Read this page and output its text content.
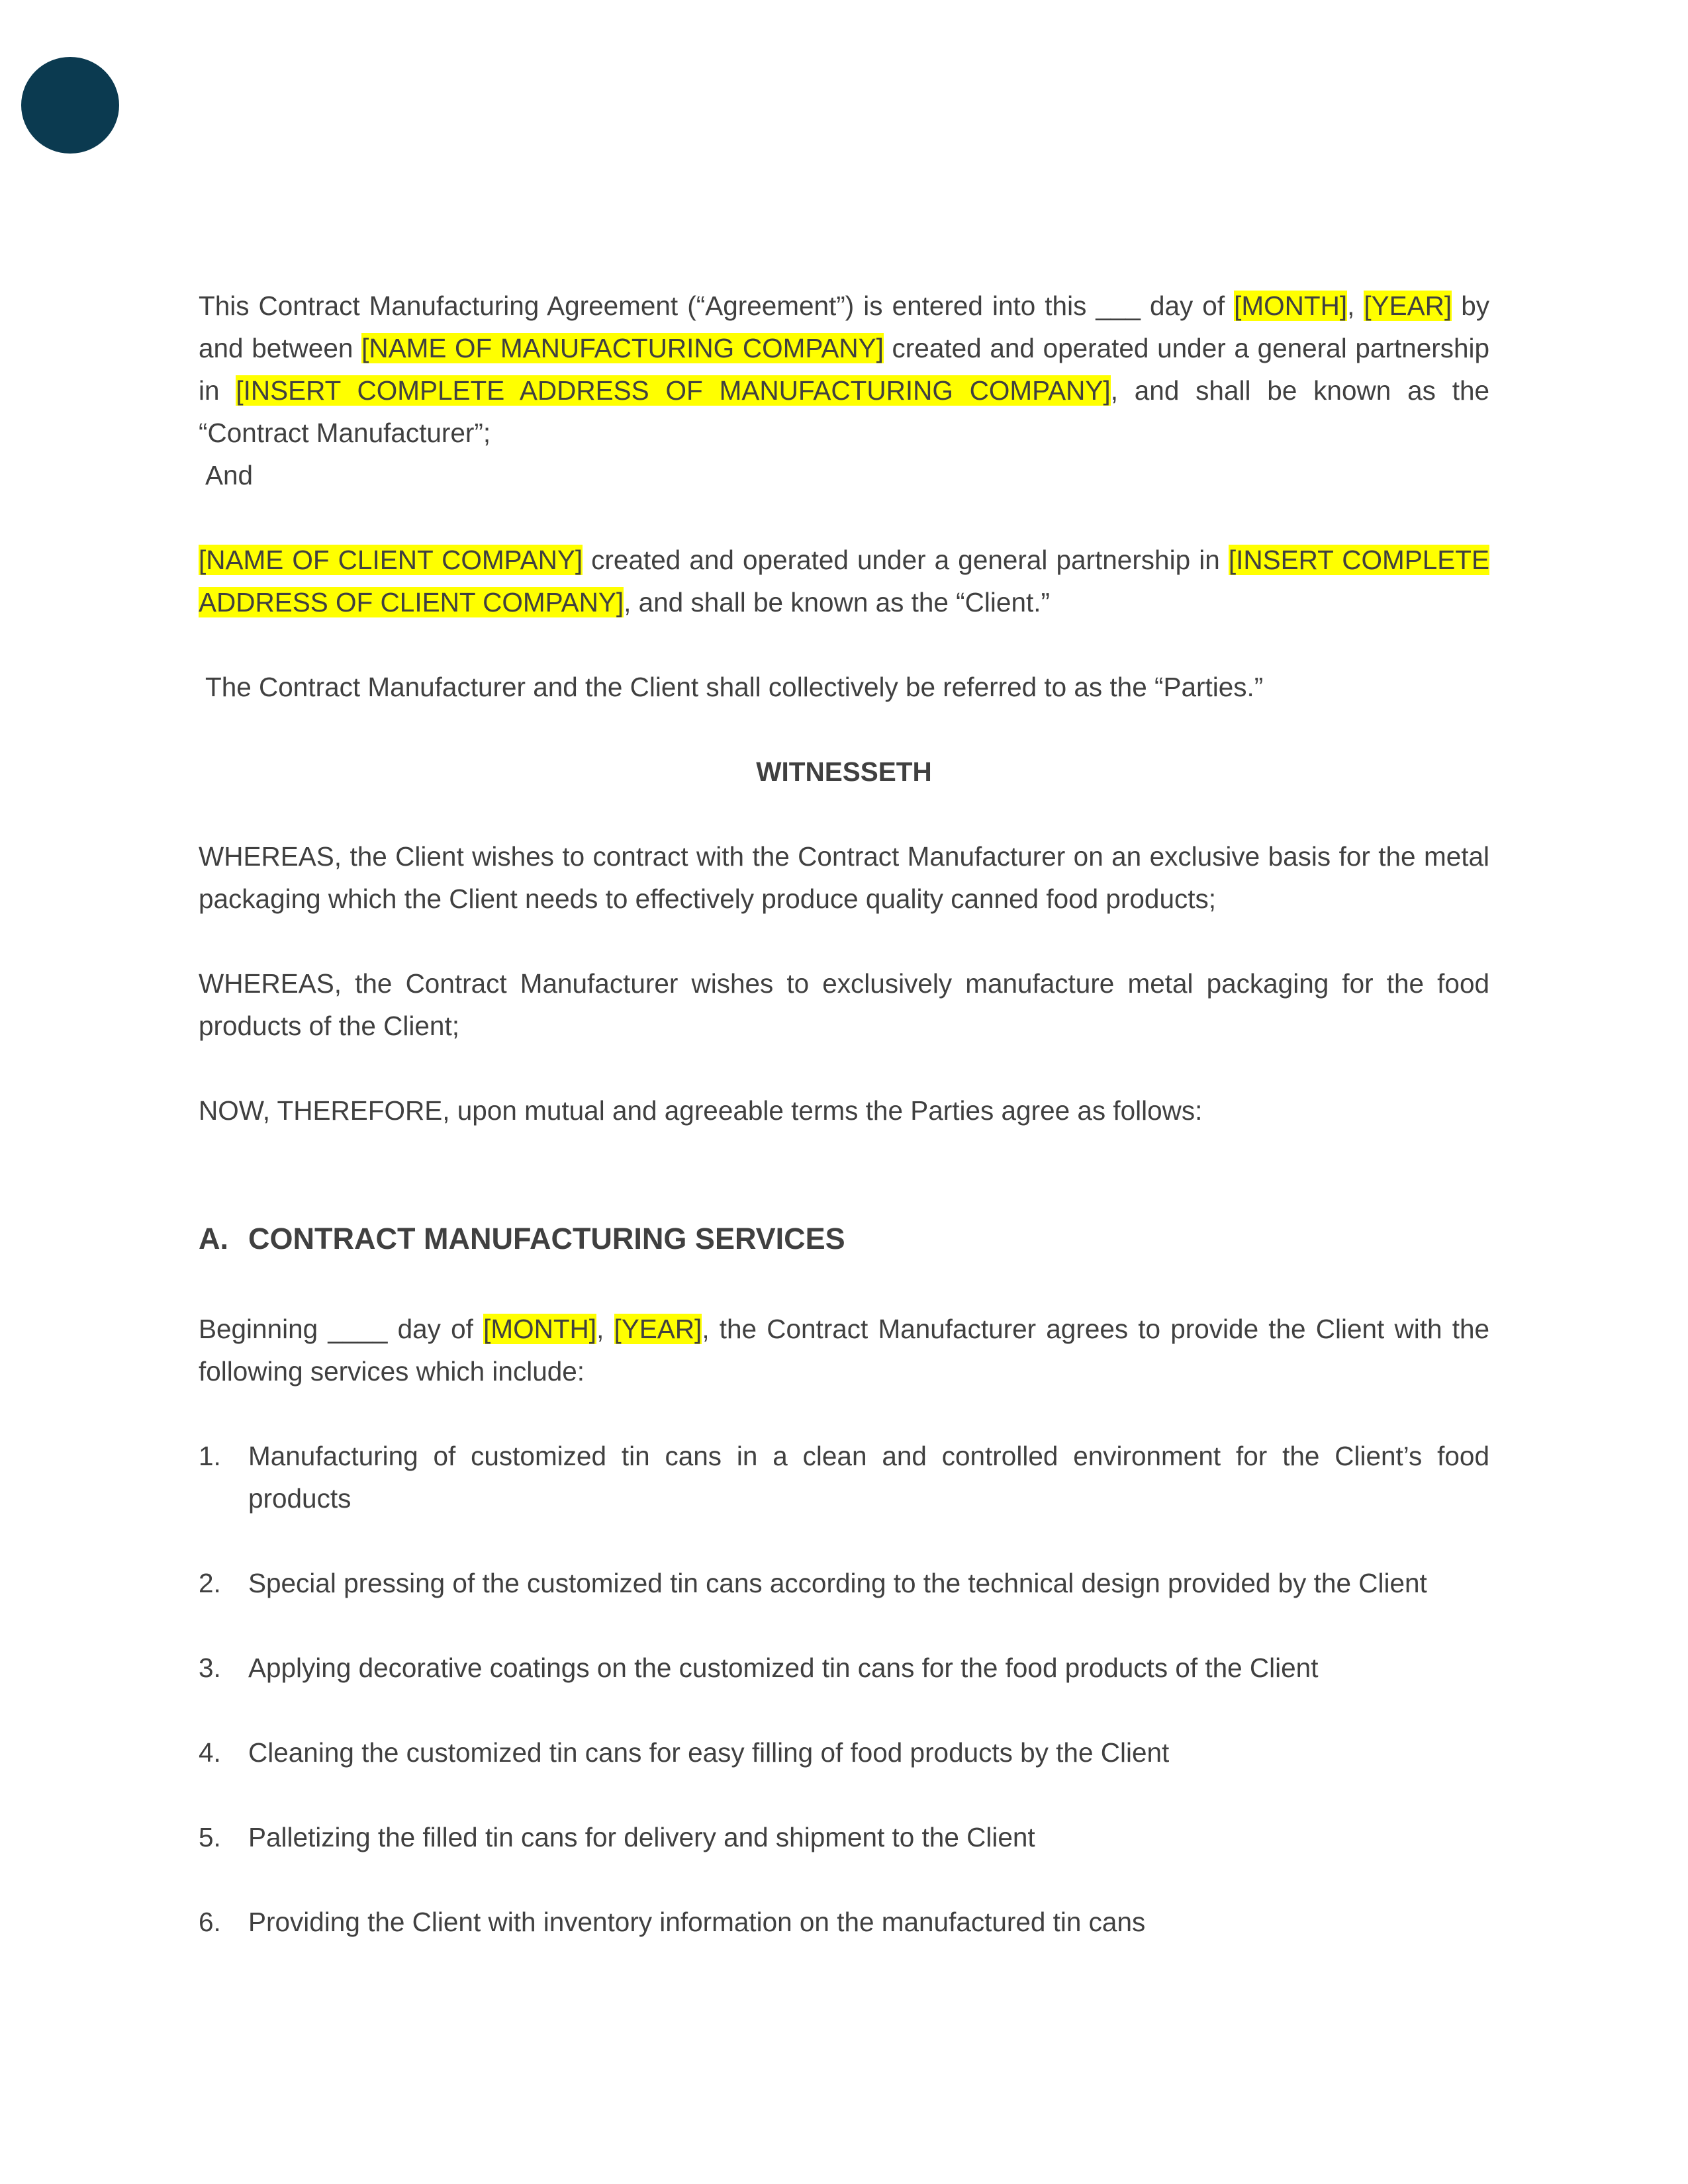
This Contract Manufacturing Agreement (“Agreement”) is entered into this ___ day of [MONTH], [YEAR] by and between [NAME OF MANUFACTURING COMPANY] created and operated under a general partnership in [INSERT COMPLETE ADDRESS OF MANUFACTURING COMPANY], and shall be known as the “Contract Manufacturer”;

And

[NAME OF CLIENT COMPANY] created and operated under a general partnership in [INSERT COMPLETE ADDRESS OF CLIENT COMPANY], and shall be known as the “Client.”

The Contract Manufacturer and the Client shall collectively be referred to as the “Parties.”

WITNESSETH

WHEREAS, the Client wishes to contract with the Contract Manufacturer on an exclusive basis for the metal packaging which the Client needs to effectively produce quality canned food products;

WHEREAS, the Contract Manufacturer wishes to exclusively manufacture metal packaging for the food products of the Client;

NOW, THEREFORE, upon mutual and agreeable terms the Parties agree as follows:

A. CONTRACT MANUFACTURING SERVICES

Beginning ____ day of [MONTH], [YEAR], the Contract Manufacturer agrees to provide the Client with the following services which include:

1.	Manufacturing of customized tin cans in a clean and controlled environment for the Client’s food products
2.	Special pressing of the customized tin cans according to the technical design provided by the Client
3.	Applying decorative coatings on the customized tin cans for the food products of the Client
4.	Cleaning the customized tin cans for easy filling of food products by the Client
5.	Palletizing the filled tin cans for delivery and shipment to the Client
6.	Providing the Client with inventory information on the manufactured tin cans
